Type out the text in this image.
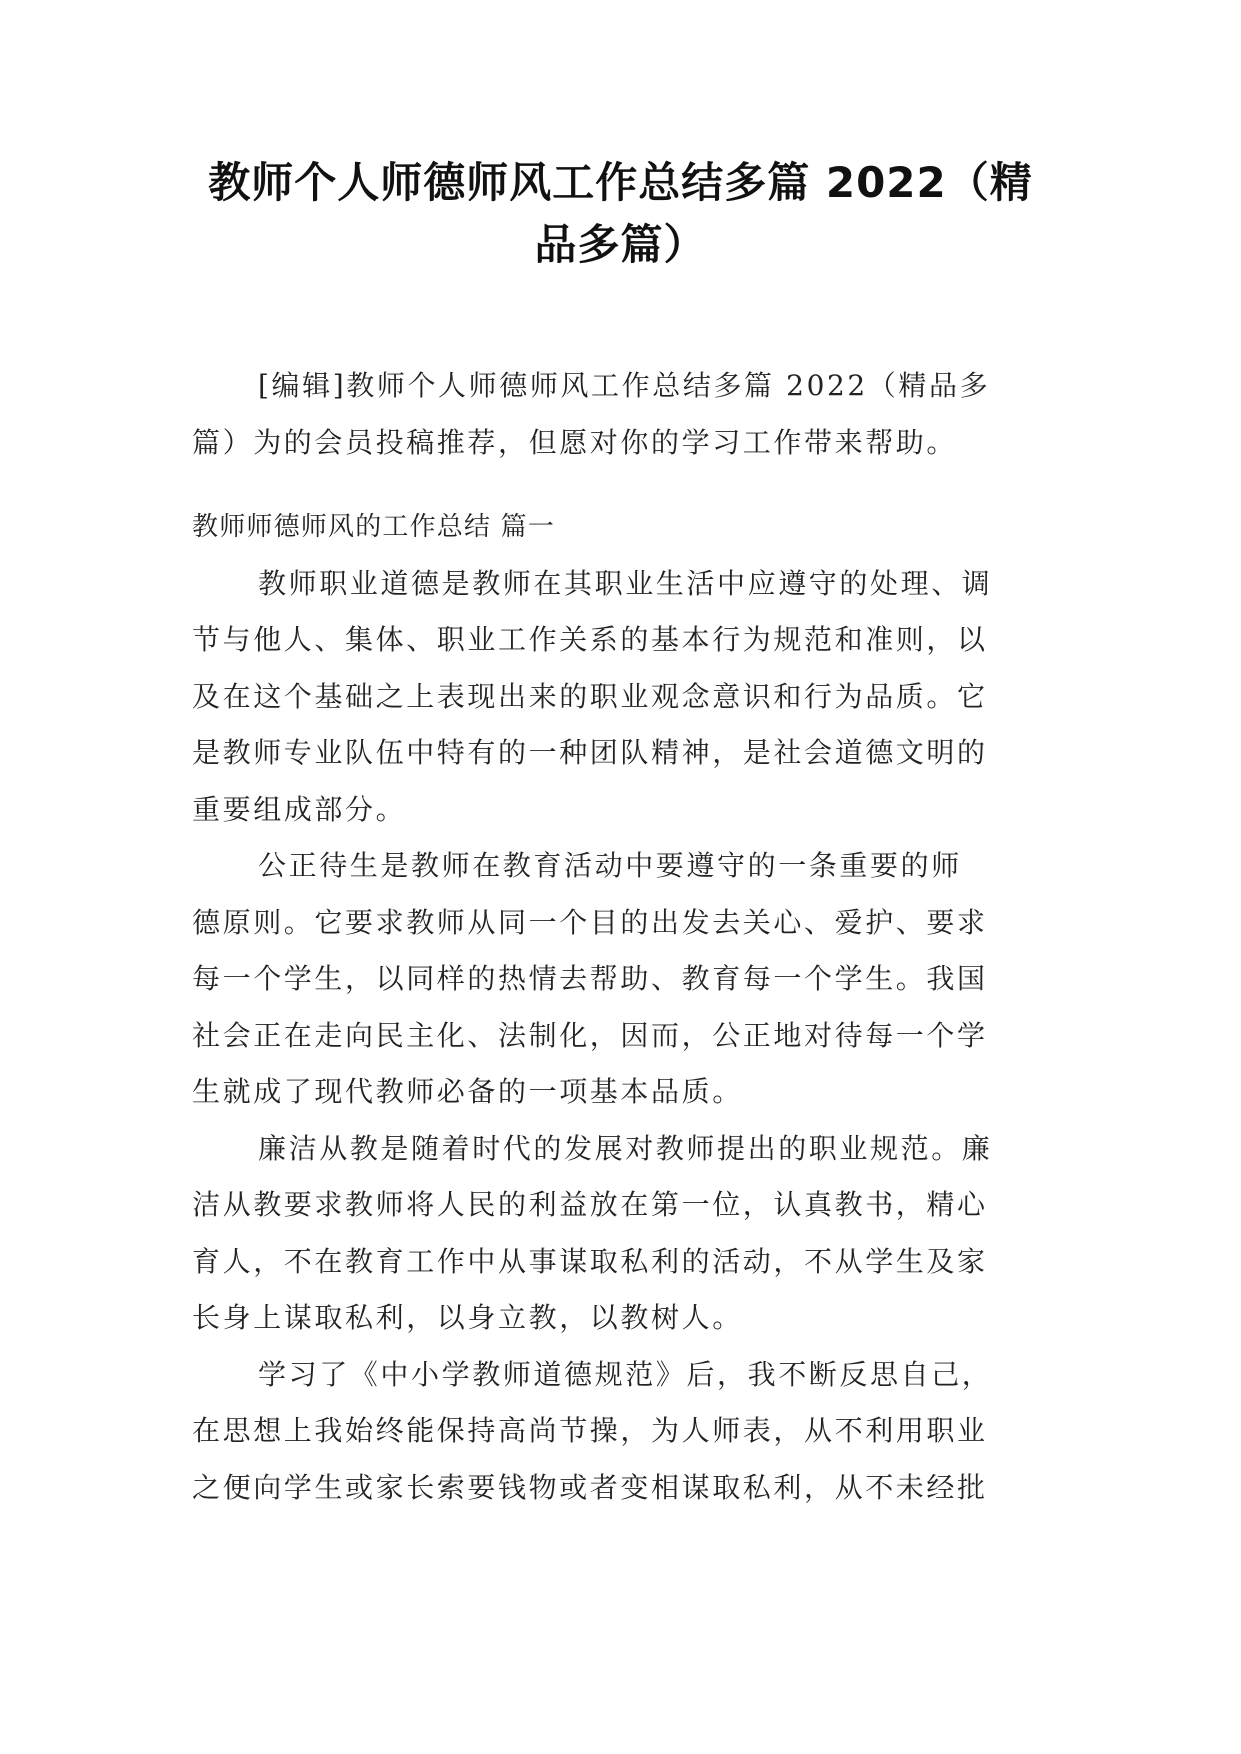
教师个人师德师风工作总结多篇 2022（精
品多篇）
[编辑]教师个人师德师风工作总结多篇 2022（精品多
篇）为的会员投稿推荐，但愿对你的学习工作带来帮助。
教师师德师风的工作总结 篇一
教师职业道德是教师在其职业生活中应遵守的处理、调
节与他人、集体、职业工作关系的基本行为规范和准则，以
及在这个基础之上表现出来的职业观念意识和行为品质。它
是教师专业队伍中特有的一种团队精神，是社会道德文明的
重要组成部分。
公正待生是教师在教育活动中要遵守的一条重要的师
德原则。它要求教师从同一个目的出发去关心、爱护、要求
每一个学生，以同样的热情去帮助、教育每一个学生。我国
社会正在走向民主化、法制化，因而，公正地对待每一个学
生就成了现代教师必备的一项基本品质。
廉洁从教是随着时代的发展对教师提出的职业规范。廉
洁从教要求教师将人民的利益放在第一位，认真教书，精心
育人，不在教育工作中从事谋取私利的活动，不从学生及家
长身上谋取私利，以身立教，以教树人。
学习了《中小学教师道德规范》后，我不断反思自己，
在思想上我始终能保持高尚节操，为人师表，从不利用职业
之便向学生或家长索要钱物或者变相谋取私利，从不未经批
